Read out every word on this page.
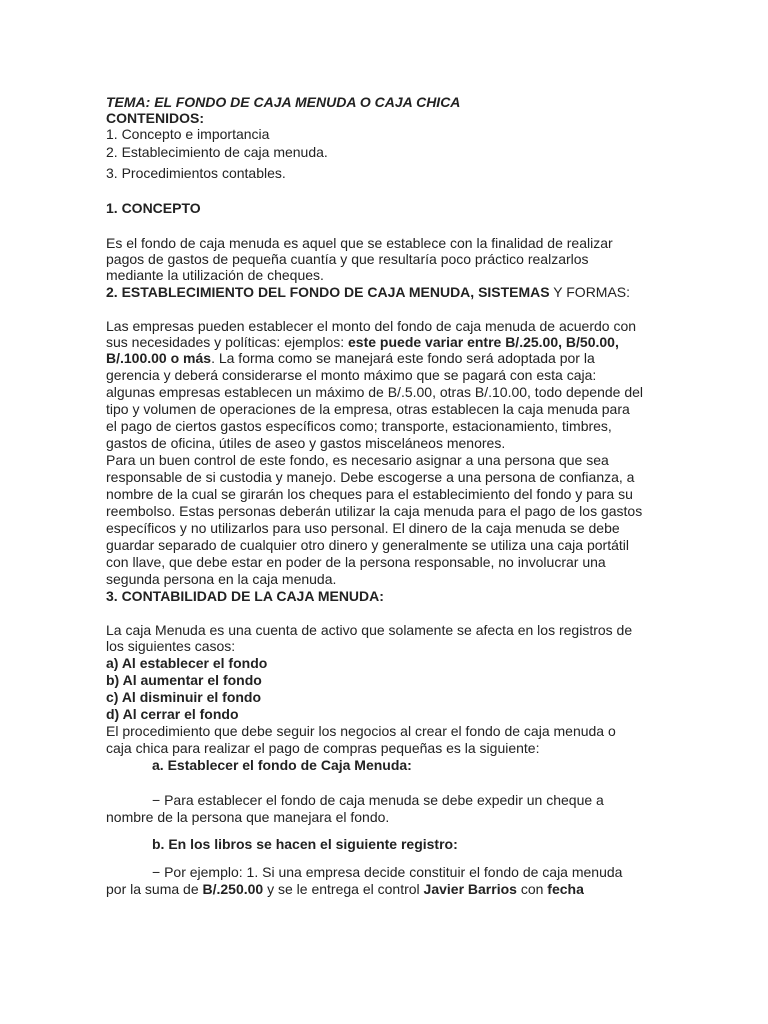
TEMA: EL FONDO DE CAJA MENUDA O CAJA CHICA
CONTENIDOS:
1. Concepto e importancia
2. Establecimiento de caja menuda.
3. Procedimientos contables.
1. CONCEPTO
Es el fondo de caja menuda es aquel que se establece con la finalidad de realizar
pagos de gastos de pequeña cuantía y que resultaría poco práctico realzarlos
mediante la utilización de cheques.
2. ESTABLECIMIENTO DEL FONDO DE CAJA MENUDA, SISTEMAS Y FORMAS:
Las empresas pueden establecer el monto del fondo de caja menuda de acuerdo con
sus necesidades y políticas: ejemplos: este puede variar entre B/.25.00, B/50.00,
B/.100.00 o más. La forma como se manejará este fondo será adoptada por la
gerencia y deberá considerarse el monto máximo que se pagará con esta caja:
algunas empresas establecen un máximo de B/.5.00, otras B/.10.00, todo depende del
tipo y volumen de operaciones de la empresa, otras establecen la caja menuda para
el pago de ciertos gastos específicos como; transporte, estacionamiento, timbres,
gastos de oficina, útiles de aseo y gastos misceláneos menores.
Para un buen control de este fondo, es necesario asignar a una persona que sea
responsable de si custodia y manejo. Debe escogerse a una persona de confianza, a
nombre de la cual se girarán los cheques para el establecimiento del fondo y para su
reembolso. Estas personas deberán utilizar la caja menuda para el pago de los gastos
específicos y no utilizarlos para uso personal. El dinero de la caja menuda se debe
guardar separado de cualquier otro dinero y generalmente se utiliza una caja portátil
con llave, que debe estar en poder de la persona responsable, no involucrar una
segunda persona en la caja menuda.
3. CONTABILIDAD DE LA CAJA MENUDA:
La caja Menuda es una cuenta de activo que solamente se afecta en los registros de
los siguientes casos:
a) Al establecer el fondo
b) Al aumentar el fondo
c) Al disminuir el fondo
d) Al cerrar el fondo
El procedimiento que debe seguir los negocios al crear el fondo de caja menuda o
caja chica para realizar el pago de compras pequeñas es la siguiente:
a. Establecer el fondo de Caja Menuda:
− Para establecer el fondo de caja menuda se debe expedir un cheque a
nombre de la persona que manejara el fondo.
b. En los libros se hacen el siguiente registro:
− Por ejemplo: 1. Si una empresa decide constituir el fondo de caja menuda
por la suma de B/.250.00 y se le entrega el control Javier Barrios con fecha
